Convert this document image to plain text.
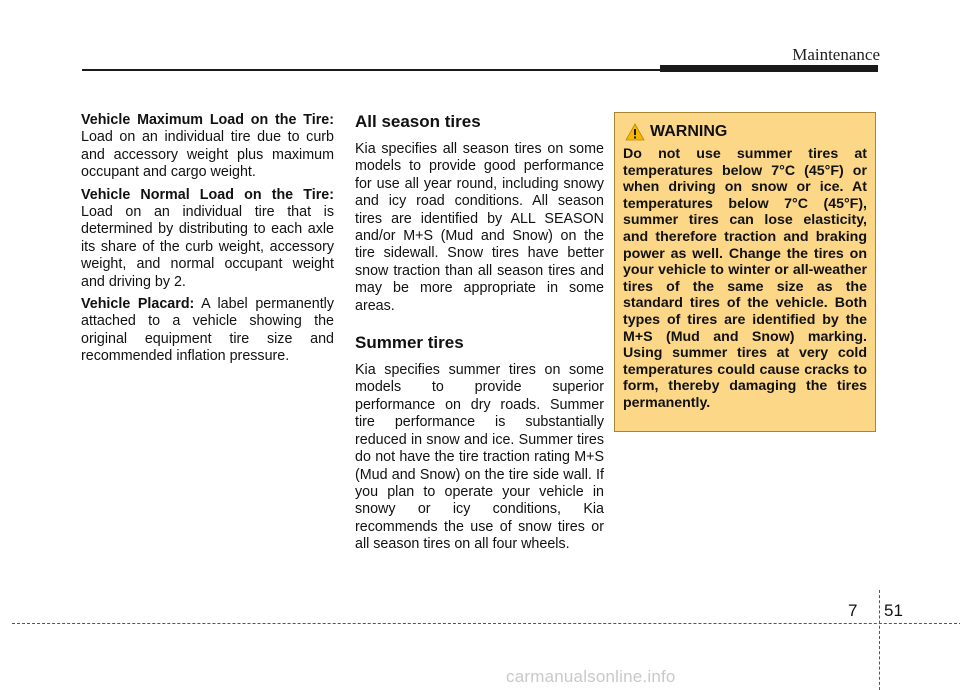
Maintenance

Vehicle Maximum Load on the Tire: Load on an individual tire due to curb and accessory weight plus maximum occupant and cargo weight.

Vehicle Normal Load on the Tire: Load on an individual tire that is determined by distributing to each axle its share of the curb weight, accessory weight, and normal occupant weight and driving by 2.

Vehicle Placard: A label permanently attached to a vehicle showing the original equipment tire size and recommended inflation pressure.

All season tires

Kia specifies all season tires on some models to provide good performance for use all year round, including snowy and icy road conditions. All season tires are identified by ALL SEASON and/or M+S (Mud and Snow) on the tire sidewall. Snow tires have better snow traction than all season tires and may be more appropriate in some areas.

Summer tires

Kia specifies summer tires on some models to provide superior performance on dry roads. Summer tire performance is substantially reduced in snow and ice. Summer tires do not have the tire traction rating M+S (Mud and Snow) on the tire side wall. If you plan to operate your vehicle in snowy or icy conditions, Kia recommends the use of snow tires or all season tires on all four wheels.

WARNING

Do not use summer tires at temperatures below 7°C (45°F) or when driving on snow or ice. At temperatures below 7°C (45°F), summer tires can lose elasticity, and therefore traction and braking power as well. Change the tires on your vehicle to winter or all-weather tires of the same size as the standard tires of the vehicle. Both types of tires are identified by the M+S (Mud and Snow) marking. Using summer tires at very cold temperatures could cause cracks to form, thereby damaging the tires permanently.

7	51
carmanualsonline.info
